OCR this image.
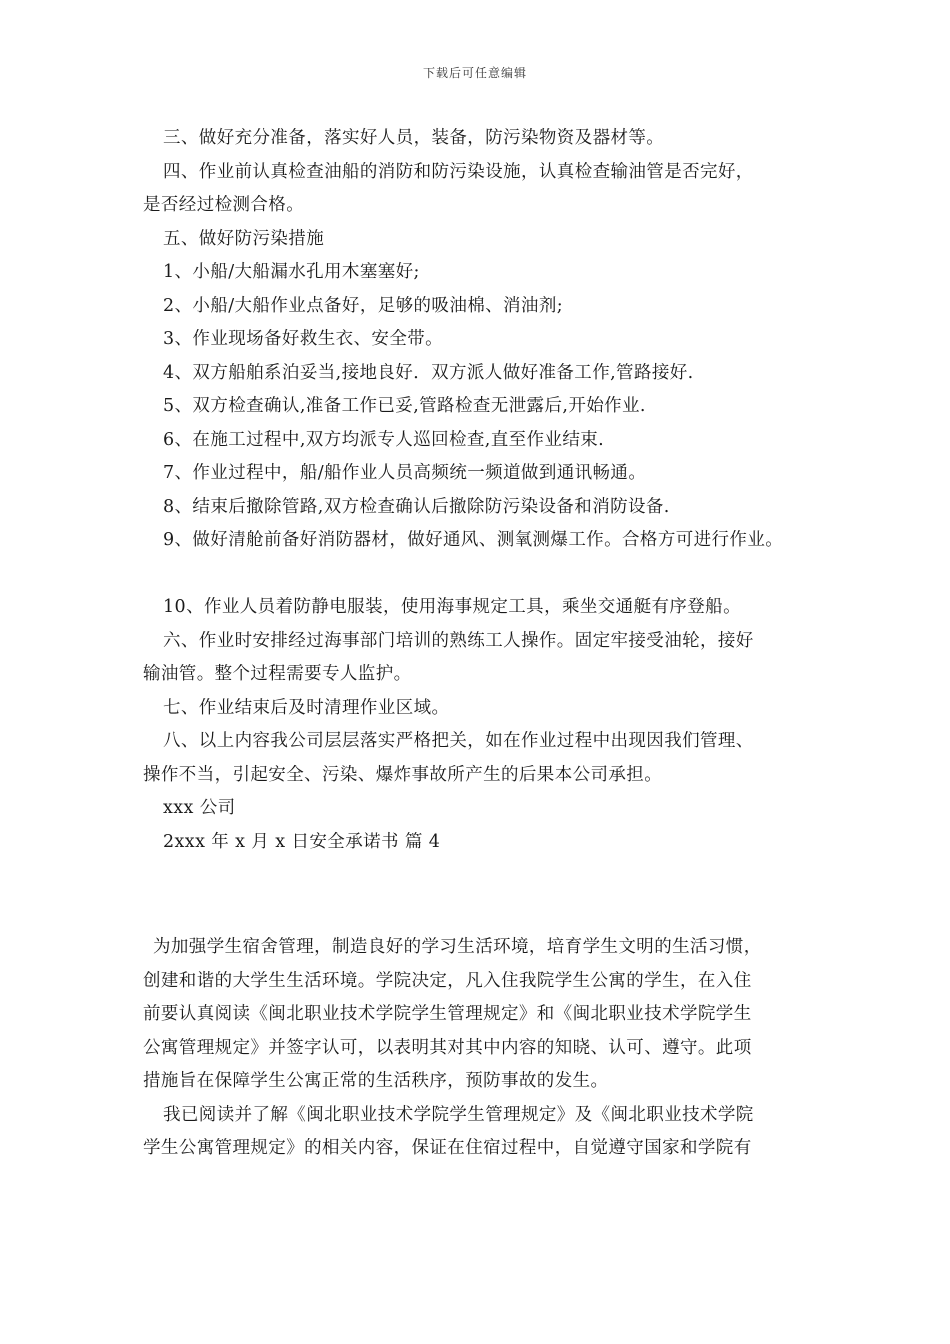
下载后可任意编辑
三、做好充分准备，落实好人员，装备，防污染物资及器材等。
四、作业前认真检查油船的消防和防污染设施，认真检查输油管是否完好，
是否经过检测合格。
五、做好防污染措施
1、小船/大船漏水孔用木塞塞好;
2、小船/大船作业点备好，足够的吸油棉、消油剂;
3、作业现场备好救生衣、安全带。
4、双方船舶系泊妥当,接地良好．双方派人做好准备工作,管路接好.
5、双方检查确认,准备工作已妥,管路检查无泄露后,开始作业.
6、在施工过程中,双方均派专人巡回检查,直至作业结束.
7、作业过程中，船/船作业人员高频统一频道做到通讯畅通。
8、结束后撤除管路,双方检查确认后撤除防污染设备和消防设备.
9、做好清舱前备好消防器材，做好通风、测氧测爆工作。合格方可进行作业。
10、作业人员着防静电服装，使用海事规定工具，乘坐交通艇有序登船。
六、作业时安排经过海事部门培训的熟练工人操作。固定牢接受油轮，接好
输油管。整个过程需要专人监护。
七、作业结束后及时清理作业区域。
八、以上内容我公司层层落实严格把关，如在作业过程中出现因我们管理、
操作不当，引起安全、污染、爆炸事故所产生的后果本公司承担。
xxx 公司
2xxx 年 x 月 x 日安全承诺书 篇 4
为加强学生宿舍管理，制造良好的学习生活环境，培育学生文明的生活习惯，
创建和谐的大学生生活环境。学院决定，凡入住我院学生公寓的学生，在入住
前要认真阅读《闽北职业技术学院学生管理规定》和《闽北职业技术学院学生
公寓管理规定》并签字认可，以表明其对其中内容的知晓、认可、遵守。此项
措施旨在保障学生公寓正常的生活秩序，预防事故的发生。
我已阅读并了解《闽北职业技术学院学生管理规定》及《闽北职业技术学院
学生公寓管理规定》的相关内容，保证在住宿过程中，自觉遵守国家和学院有
